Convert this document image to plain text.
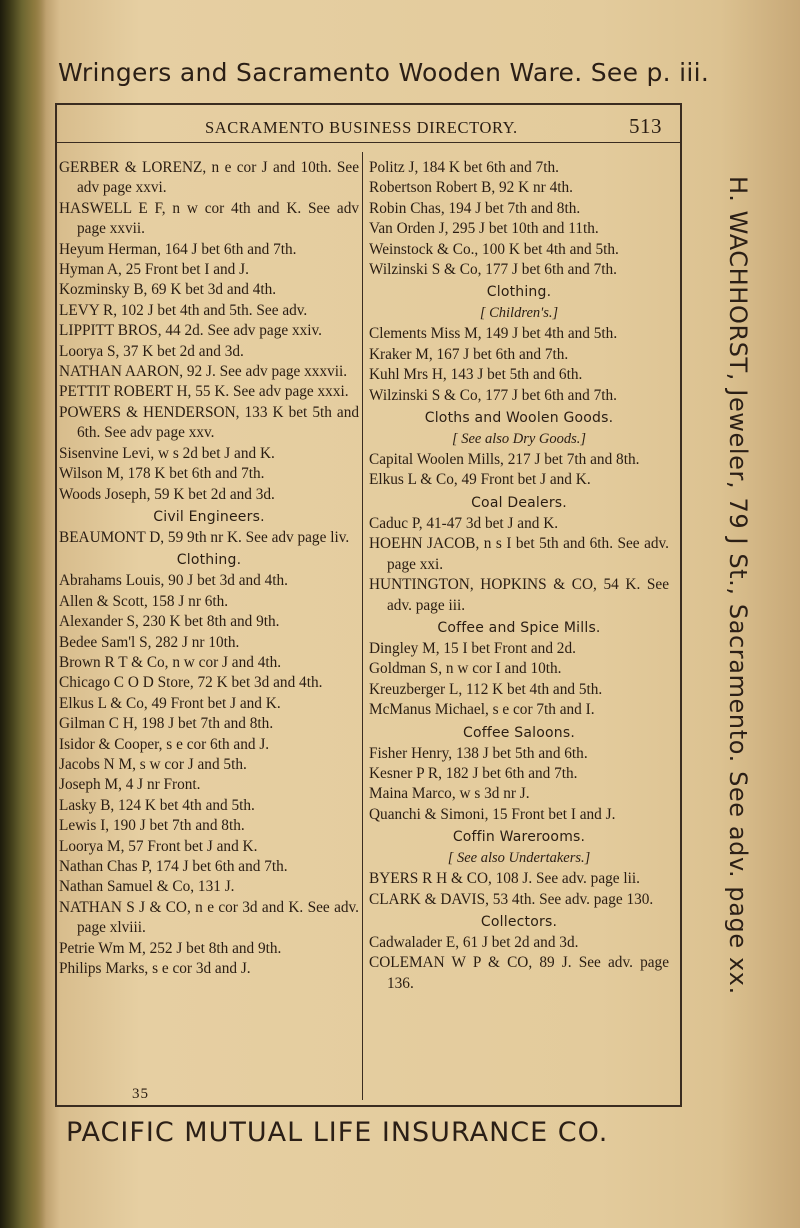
Wringers and Sacramento Wooden Ware. See p. iii.
SACRAMENTO BUSINESS DIRECTORY.	513
GERBER & LORENZ, n e cor J and 10th. See adv page xxvi.
HASWELL E F, n w cor 4th and K. See adv page xxvii.
Heyum Herman, 164 J bet 6th and 7th.
Hyman A, 25 Front bet I and J.
Kozminsky B, 69 K bet 3d and 4th.
LEVY R, 102 J bet 4th and 5th. See adv.
LIPPITT BROS, 44 2d. See adv page xxiv.
Loorya S, 37 K bet 2d and 3d.
NATHAN AARON, 92 J. See adv page xxxvii.
PETTIT ROBERT H, 55 K. See adv page xxxi.
POWERS & HENDERSON, 133 K bet 5th and 6th. See adv page xxv.
Sisenvine Levi, w s 2d bet J and K.
Wilson M, 178 K bet 6th and 7th.
Woods Joseph, 59 K bet 2d and 3d.
Civil Engineers.
BEAUMONT D, 59 9th nr K. See adv page liv.
Clothing.
Abrahams Louis, 90 J bet 3d and 4th.
Allen & Scott, 158 J nr 6th.
Alexander S, 230 K bet 8th and 9th.
Bedee Sam'l S, 282 J nr 10th.
Brown R T & Co, n w cor J and 4th.
Chicago C O D Store, 72 K bet 3d and 4th.
Elkus L & Co, 49 Front bet J and K.
Gilman C H, 198 J bet 7th and 8th.
Isidor & Cooper, s e cor 6th and J.
Jacobs N M, s w cor J and 5th.
Joseph M, 4 J nr Front.
Lasky B, 124 K bet 4th and 5th.
Lewis I, 190 J bet 7th and 8th.
Loorya M, 57 Front bet J and K.
Nathan Chas P, 174 J bet 6th and 7th.
Nathan Samuel & Co, 131 J.
NATHAN S J & CO, n e cor 3d and K. See adv. page xlviii.
Petrie Wm M, 252 J bet 8th and 9th.
Philips Marks, s e cor 3d and J.
Politz J, 184 K bet 6th and 7th.
Robertson Robert B, 92 K nr 4th.
Robin Chas, 194 J bet 7th and 8th.
Van Orden J, 295 J bet 10th and 11th.
Weinstock & Co., 100 K bet 4th and 5th.
Wilzinski S & Co, 177 J bet 6th and 7th.
Clothing.
[ Children's.]
Clements Miss M, 149 J bet 4th and 5th.
Kraker M, 167 J bet 6th and 7th.
Kuhl Mrs H, 143 J bet 5th and 6th.
Wilzinski S & Co, 177 J bet 6th and 7th.
Cloths and Woolen Goods.
[ See also Dry Goods.]
Capital Woolen Mills, 217 J bet 7th and 8th.
Elkus L & Co, 49 Front bet J and K.
Coal Dealers.
Caduc P, 41-47 3d bet J and K.
HOEHN JACOB, n s I bet 5th and 6th. See adv. page xxi.
HUNTINGTON, HOPKINS & CO, 54 K. See adv. page iii.
Coffee and Spice Mills.
Dingley M, 15 I bet Front and 2d.
Goldman S, n w cor I and 10th.
Kreuzberger L, 112 K bet 4th and 5th.
McManus Michael, s e cor 7th and I.
Coffee Saloons.
Fisher Henry, 138 J bet 5th and 6th.
Kesner P R, 182 J bet 6th and 7th.
Maina Marco, w s 3d nr J.
Quanchi & Simoni, 15 Front bet I and J.
Coffin Warerooms.
[ See also Undertakers.]
BYERS R H & CO, 108 J. See adv. page lii.
CLARK & DAVIS, 53 4th. See adv. page 130.
Collectors.
Cadwalader E, 61 J bet 2d and 3d.
COLEMAN W P & CO, 89 J. See adv. page 136.
35
H. WACHHORST, Jeweler, 79 J St., Sacramento. See adv. page xx.
PACIFIC MUTUAL LIFE INSURANCE CO.
